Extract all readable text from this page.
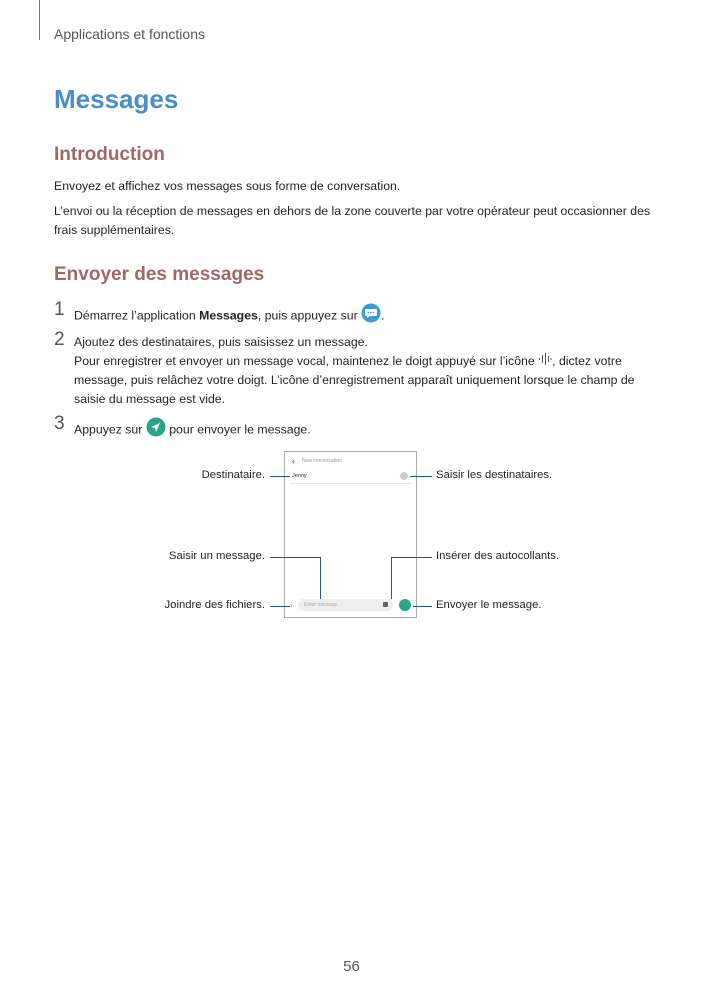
Applications et fonctions
Messages
Introduction
Envoyez et affichez vos messages sous forme de conversation.
L’envoi ou la réception de messages en dehors de la zone couverte par votre opérateur peut occasionner des frais supplémentaires.
Envoyer des messages
1 Démarrez l’application Messages, puis appuyez sur .
2 Ajoutez des destinataires, puis saisissez un message.
Pour enregistrer et envoyer un message vocal, maintenez le doigt appuyé sur l’icône , dictez votre message, puis relâchez votre doigt. L’icône d’enregistrement apparaît uniquement lorsque le champ de saisie du message est vide.
3 Appuyez sur  pour envoyer le message.
‹ New conversation
Jenny
› Enter message
Destinataire.	Saisir les destinataires.
Saisir un message.	Insérer des autocollants.
Joindre des fichiers.	Envoyer le message.
56
